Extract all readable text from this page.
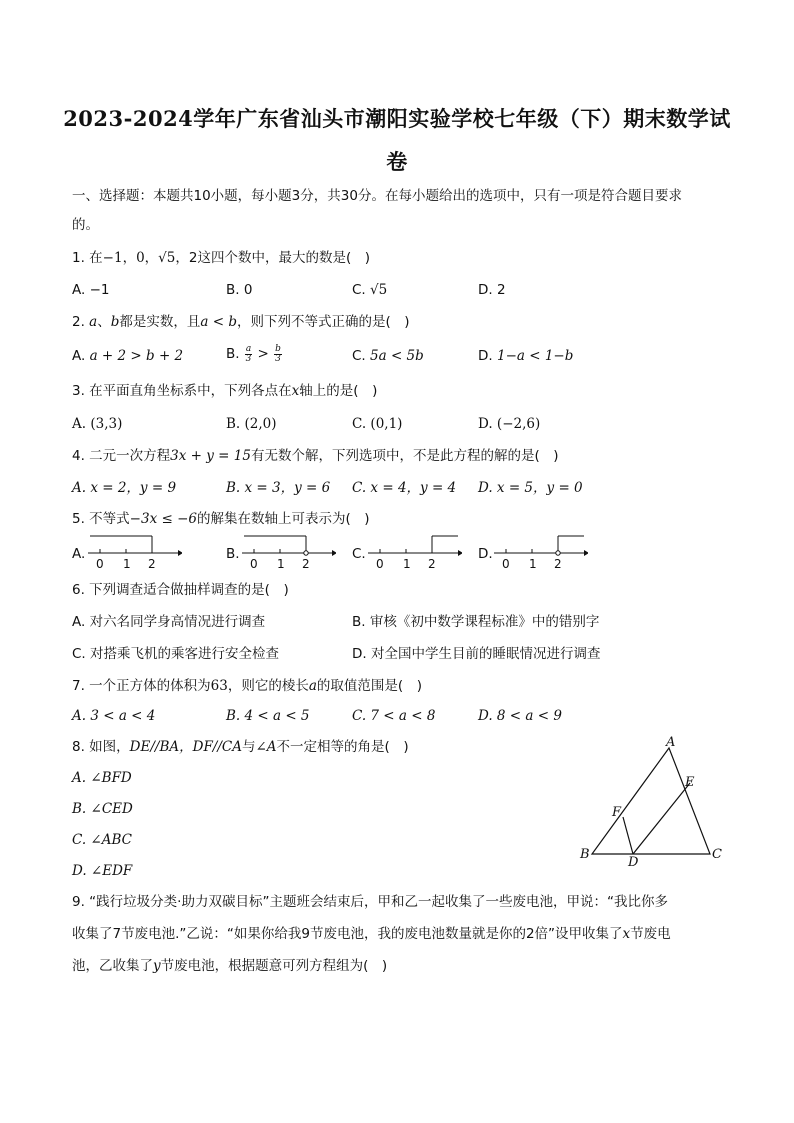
2023-2024学年广东省汕头市潮阳实验学校七年级（下）期末数学试
卷
一、选择题：本题共10小题，每小题3分，共30分。在每小题给出的选项中，只有一项是符合题目要求
的。
1. 在−1，0，√5，2这四个数中，最大的数是(　)
A. −1	B. 0	C. √5	D. 2
2. a、b都是实数，且a < b，则下列不等式正确的是(　)
A. a + 2 > b + 2	B. $\frac{a}{3} > \frac{b}{3}$	C. 5a < 5b	D. 1−a < 1−b
3. 在平面直角坐标系中，下列各点在x轴上的是(　)
A. (3,3)	B. (2,0)	C. (0,1)	D. (−2,6)
4. 二元一次方程3x + y = 15有无数个解，下列选项中，不是此方程的解的是(　)
A. x = 2，y = 9	B. x = 3，y = 6 C. x = 4，y = 4 D. x = 5，y = 0
5. 不等式−3x ≤ −6的解集在数轴上可表示为(　)
A.
0 1 2
B.
0 1 2
C.
0 1 2
D.
0 1 2
6. 下列调查适合做抽样调查的是(　)
A. 对六名同学身高情况进行调查	B. 审核《初中数学课程标准》中的错别字
C. 对搭乘飞机的乘客进行安全检查	D. 对全国中学生目前的睡眠情况进行调查
7. 一个正方体的体积为63，则它的棱长a的取值范围是(　)
A. 3 < a < 4	B. 4 < a < 5	C. 7 < a < 8	D. 8 < a < 9
8. 如图，DE//BA，DF//CA与∠A不一定相等的角是(　)
A. ∠BFD
B. ∠CED
C. ∠ABC
D. ∠EDF
A
B	C
D
E
F
9. “践行垃圾分类·助力双碳目标”主题班会结束后，甲和乙一起收集了一些废电池，甲说：“我比你多
收集了7节废电池.”乙说：“如果你给我9节废电池，我的废电池数量就是你的2倍”设甲收集了x节废电
池，乙收集了y节废电池，根据题意可列方程组为(　)
